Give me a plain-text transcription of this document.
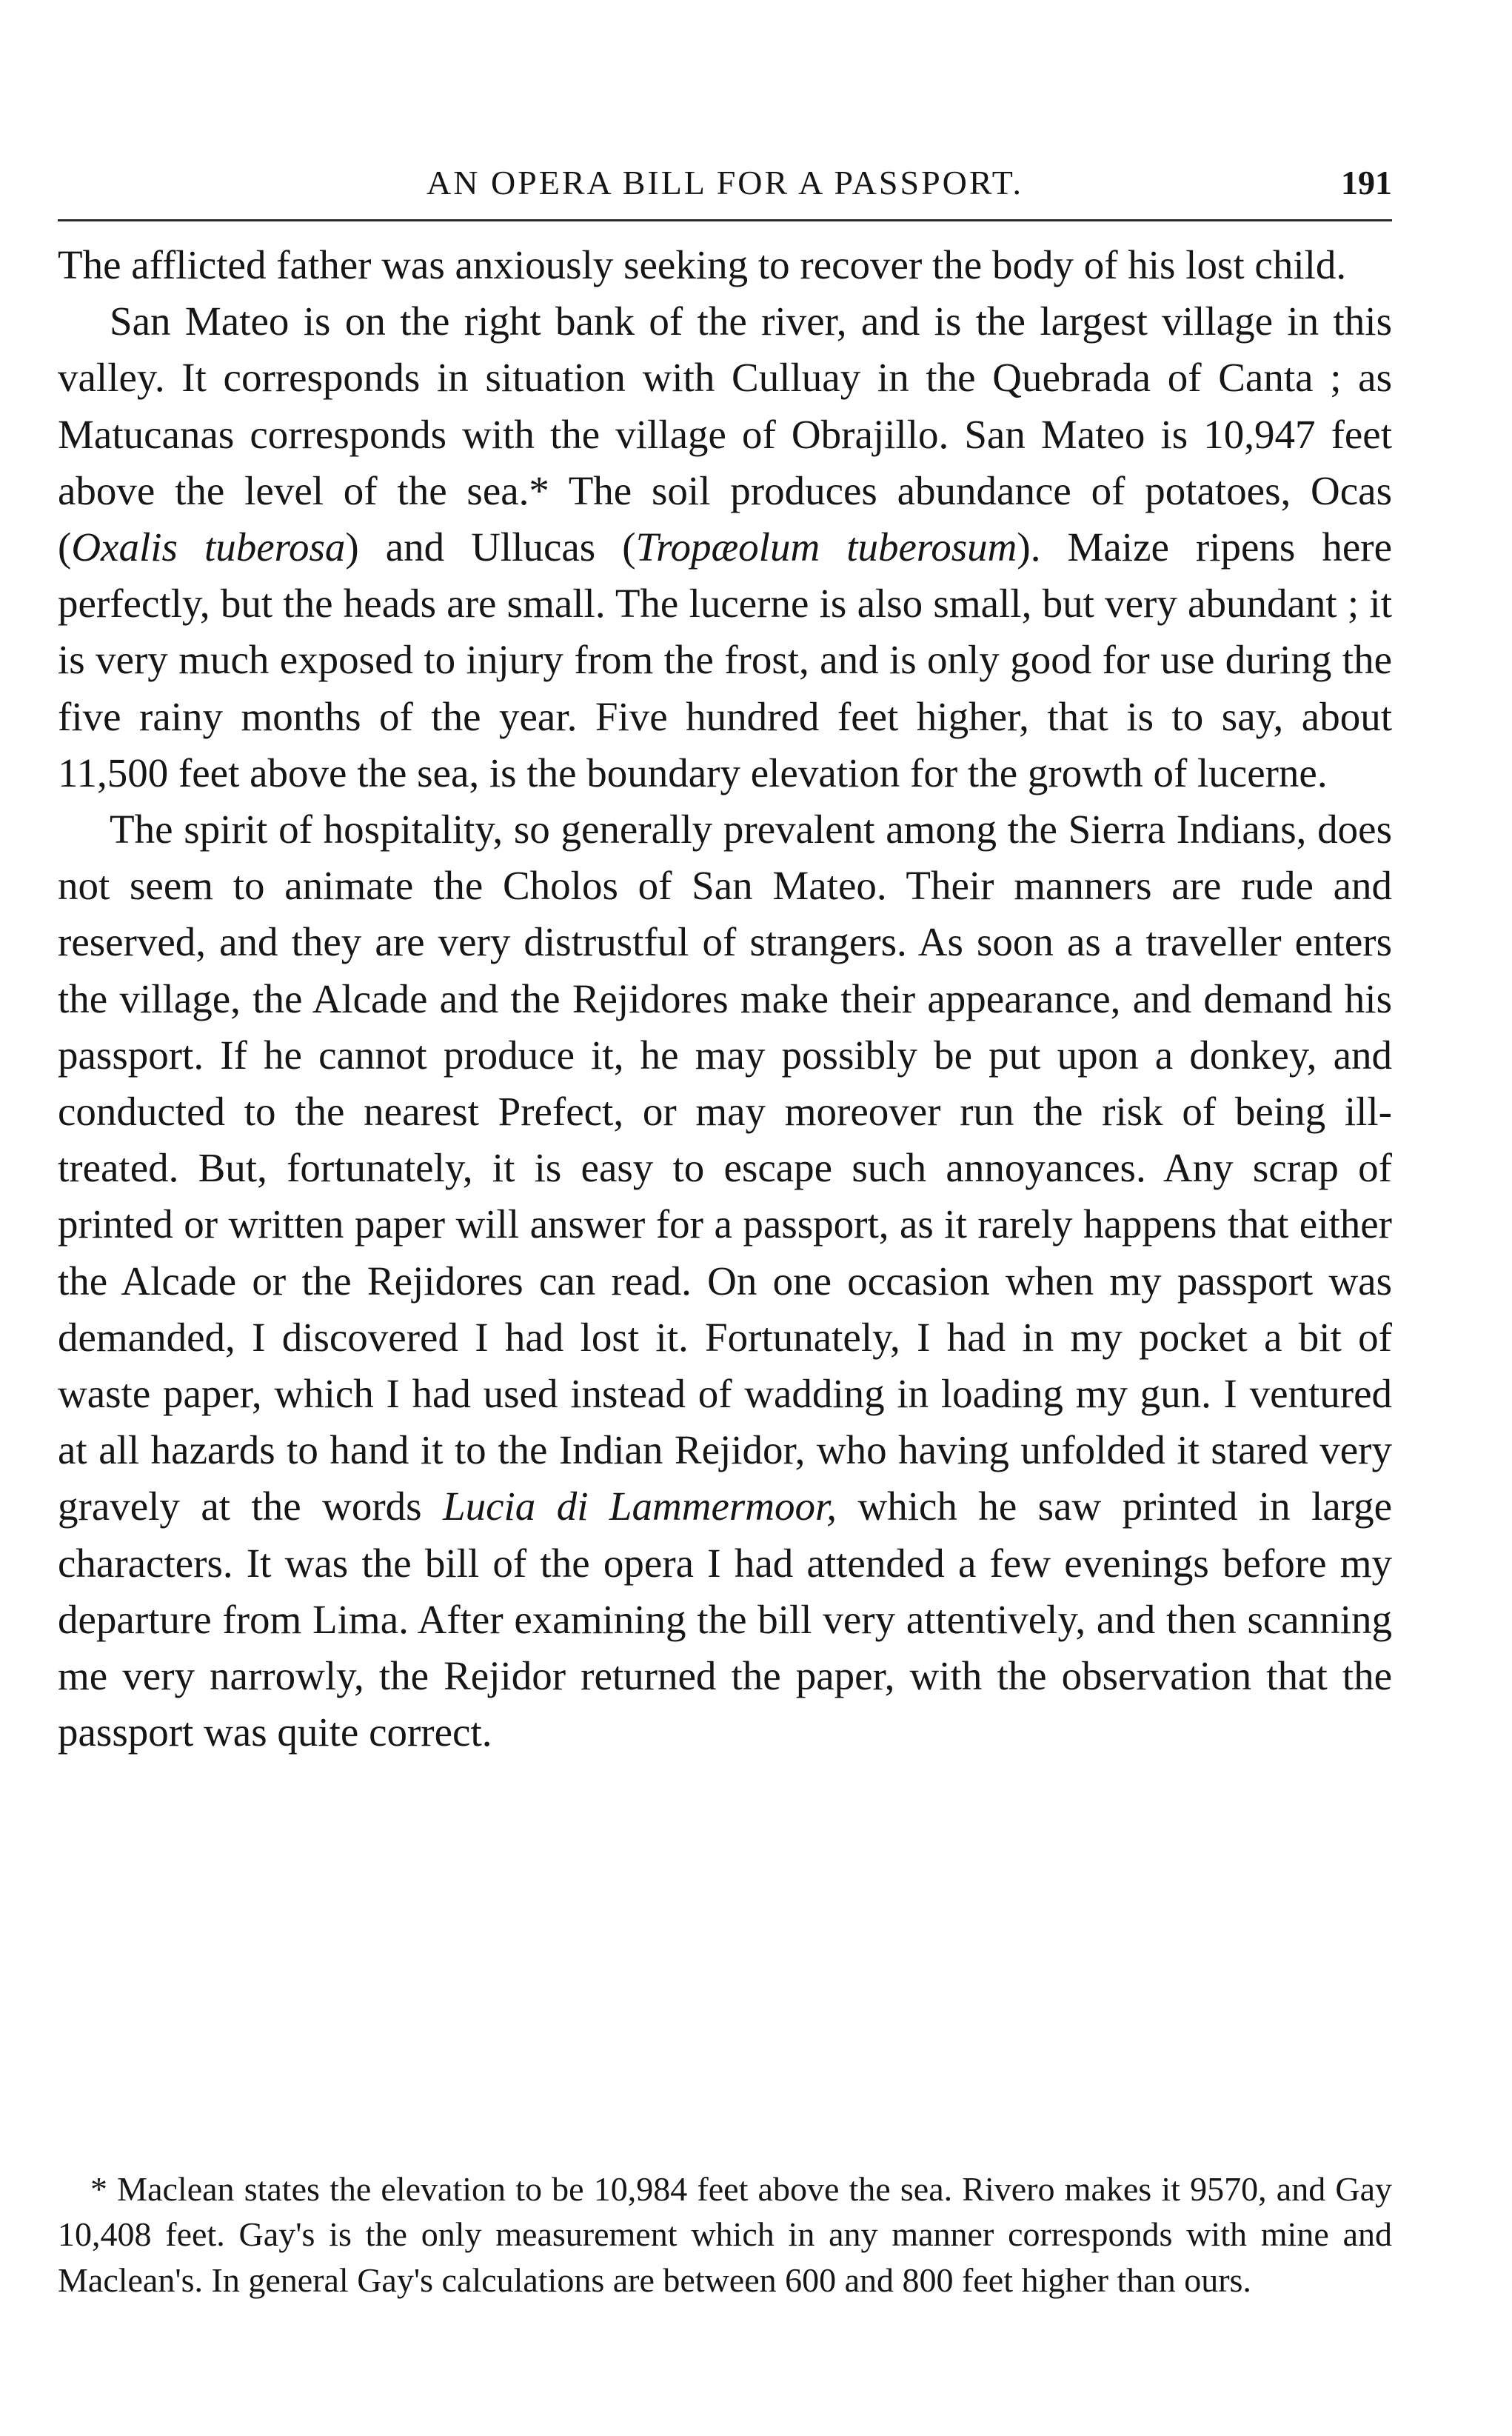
AN OPERA BILL FOR A PASSPORT.	191

The afflicted father was anxiously seeking to recover the body of his lost child.

San Mateo is on the right bank of the river, and is the largest village in this valley. It corresponds in situation with Culluay in the Quebrada of Canta ; as Matucanas corresponds with the village of Obrajillo. San Mateo is 10,947 feet above the level of the sea.* The soil produces abundance of potatoes, Ocas (Oxalis tuberosa) and Ullucas (Tropæolum tuberosum). Maize ripens here perfectly, but the heads are small. The lucerne is also small, but very abundant ; it is very much exposed to injury from the frost, and is only good for use during the five rainy months of the year. Five hundred feet higher, that is to say, about 11,500 feet above the sea, is the boundary elevation for the growth of lucerne.

The spirit of hospitality, so generally prevalent among the Sierra Indians, does not seem to animate the Cholos of San Mateo. Their manners are rude and reserved, and they are very distrustful of strangers. As soon as a traveller enters the village, the Alcade and the Rejidores make their appearance, and demand his passport. If he cannot produce it, he may possibly be put upon a donkey, and conducted to the nearest Prefect, or may moreover run the risk of being ill-treated. But, fortunately, it is easy to escape such annoyances. Any scrap of printed or written paper will answer for a passport, as it rarely happens that either the Alcade or the Rejidores can read. On one occasion when my passport was demanded, I discovered I had lost it. Fortunately, I had in my pocket a bit of waste paper, which I had used instead of wadding in loading my gun. I ventured at all hazards to hand it to the Indian Rejidor, who having unfolded it stared very gravely at the words Lucia di Lammermoor, which he saw printed in large characters. It was the bill of the opera I had attended a few evenings before my departure from Lima. After examining the bill very attentively, and then scanning me very narrowly, the Rejidor returned the paper, with the observation that the passport was quite correct.

* Maclean states the elevation to be 10,984 feet above the sea. Rivero makes it 9570, and Gay 10,408 feet. Gay's is the only measurement which in any manner corresponds with mine and Maclean's. In general Gay's calculations are between 600 and 800 feet higher than ours.
